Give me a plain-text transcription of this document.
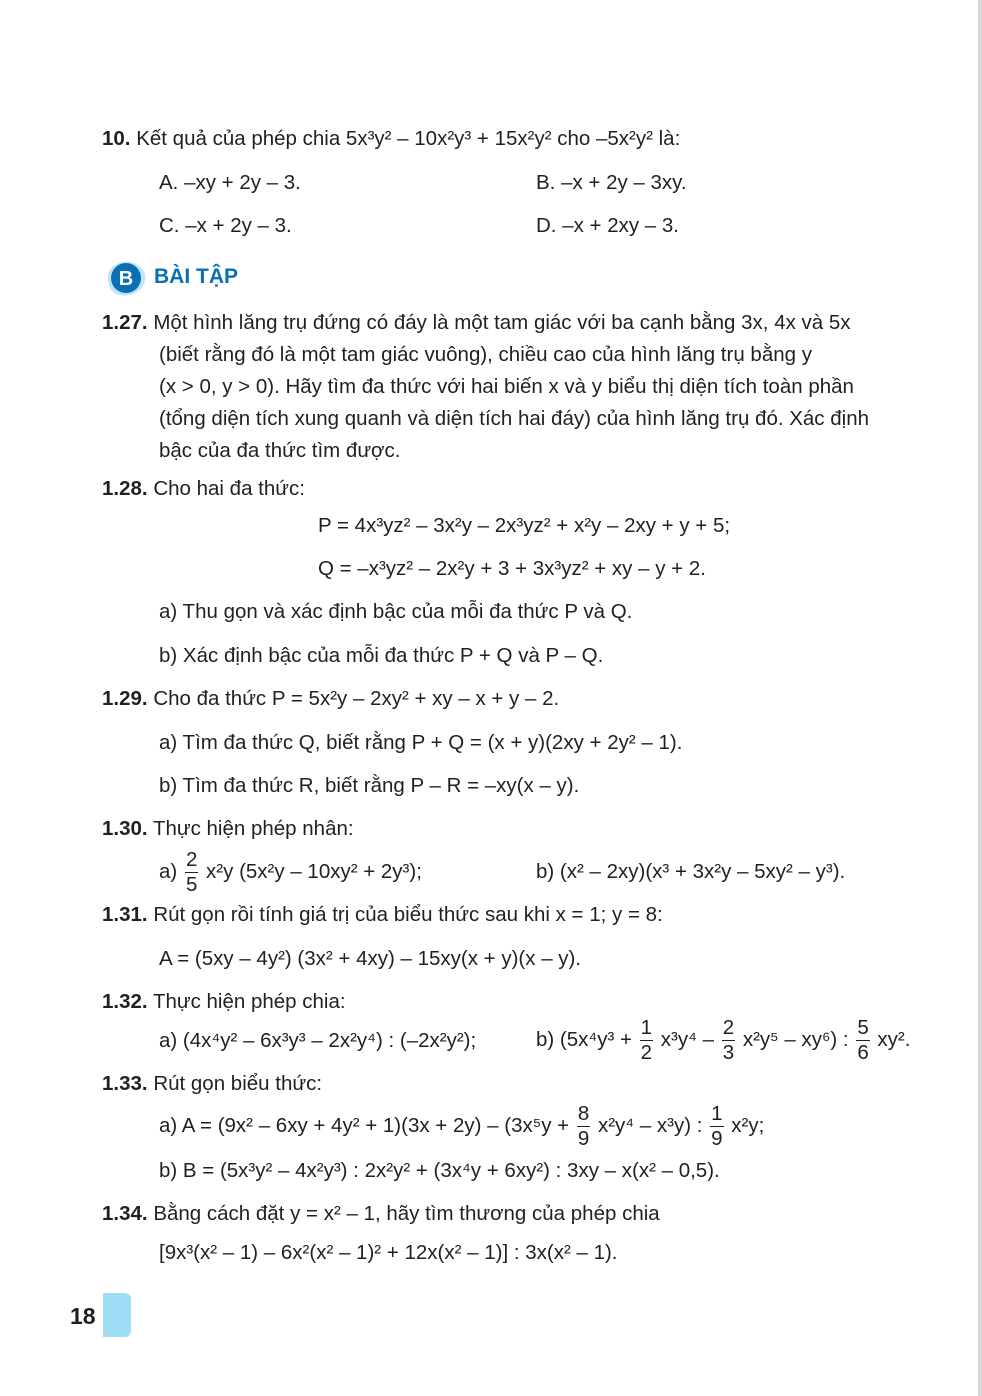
10. Kết quả của phép chia 5x³y² – 10x²y³ + 15x²y² cho –5x²y² là:
A. –xy + 2y – 3.	B. –x + 2y – 3xy.
C. –x + 2y – 3.	D. –x + 2xy – 3.
B BÀI TẬP
1.27. Một hình lăng trụ đứng có đáy là một tam giác với ba cạnh bằng 3x, 4x và 5x
(biết rằng đó là một tam giác vuông), chiều cao của hình lăng trụ bằng y
(x > 0, y > 0). Hãy tìm đa thức với hai biến x và y biểu thị diện tích toàn phần
(tổng diện tích xung quanh và diện tích hai đáy) của hình lăng trụ đó. Xác định
bậc của đa thức tìm được.
1.28. Cho hai đa thức:
P = 4x³yz² – 3x²y – 2x³yz² + x²y – 2xy + y + 5;
Q = –x³yz² – 2x²y + 3 + 3x³yz² + xy – y + 2.
a) Thu gọn và xác định bậc của mỗi đa thức P và Q.
b) Xác định bậc của mỗi đa thức P + Q và P – Q.
1.29. Cho đa thức P = 5x²y – 2xy² + xy – x + y – 2.
a) Tìm đa thức Q, biết rằng P + Q = (x + y)(2xy + 2y² – 1).
b) Tìm đa thức R, biết rằng P – R = –xy(x – y).
1.30. Thực hiện phép nhân:
$a) \frac{2}{5} x^2y$ (5x²y – 10xy² + 2y³);	b) (x² – 2xy)(x³ + 3x²y – 5xy² – y³).
1.31. Rút gọn rồi tính giá trị của biểu thức sau khi x = 1; y = 8:
A = (5xy – 4y²) (3x² + 4xy) – 15xy(x + y)(x – y).
1.32. Thực hiện phép chia:
a) (4x⁴y² – 6x³y³ – 2x²y⁴) : (–2x²y²);	b) $(5x^4y^3 + \frac{1}{2} x^3y^4 - \frac{2}{3} x^2y^5 - xy^6)$ : $\frac{5}{6} xy^2$.
1.33. Rút gọn biểu thức:
a) $A = (9x^2 - 6xy + 4y^2 + 1)(3x + 2y) - (3x^5y + \frac{8}{9} x^2y^4 - x^3y)$ : $\frac{1}{9} x^2y$;
b) B = (5x³y² – 4x²y³) : 2x²y² + (3x⁴y + 6xy²) : 3xy – x(x² – 0,5).
1.34. Bằng cách đặt y = x² – 1, hãy tìm thương của phép chia
[9x³(x² – 1) – 6x²(x² – 1)² + 12x(x² – 1)] : 3x(x² – 1).
18
